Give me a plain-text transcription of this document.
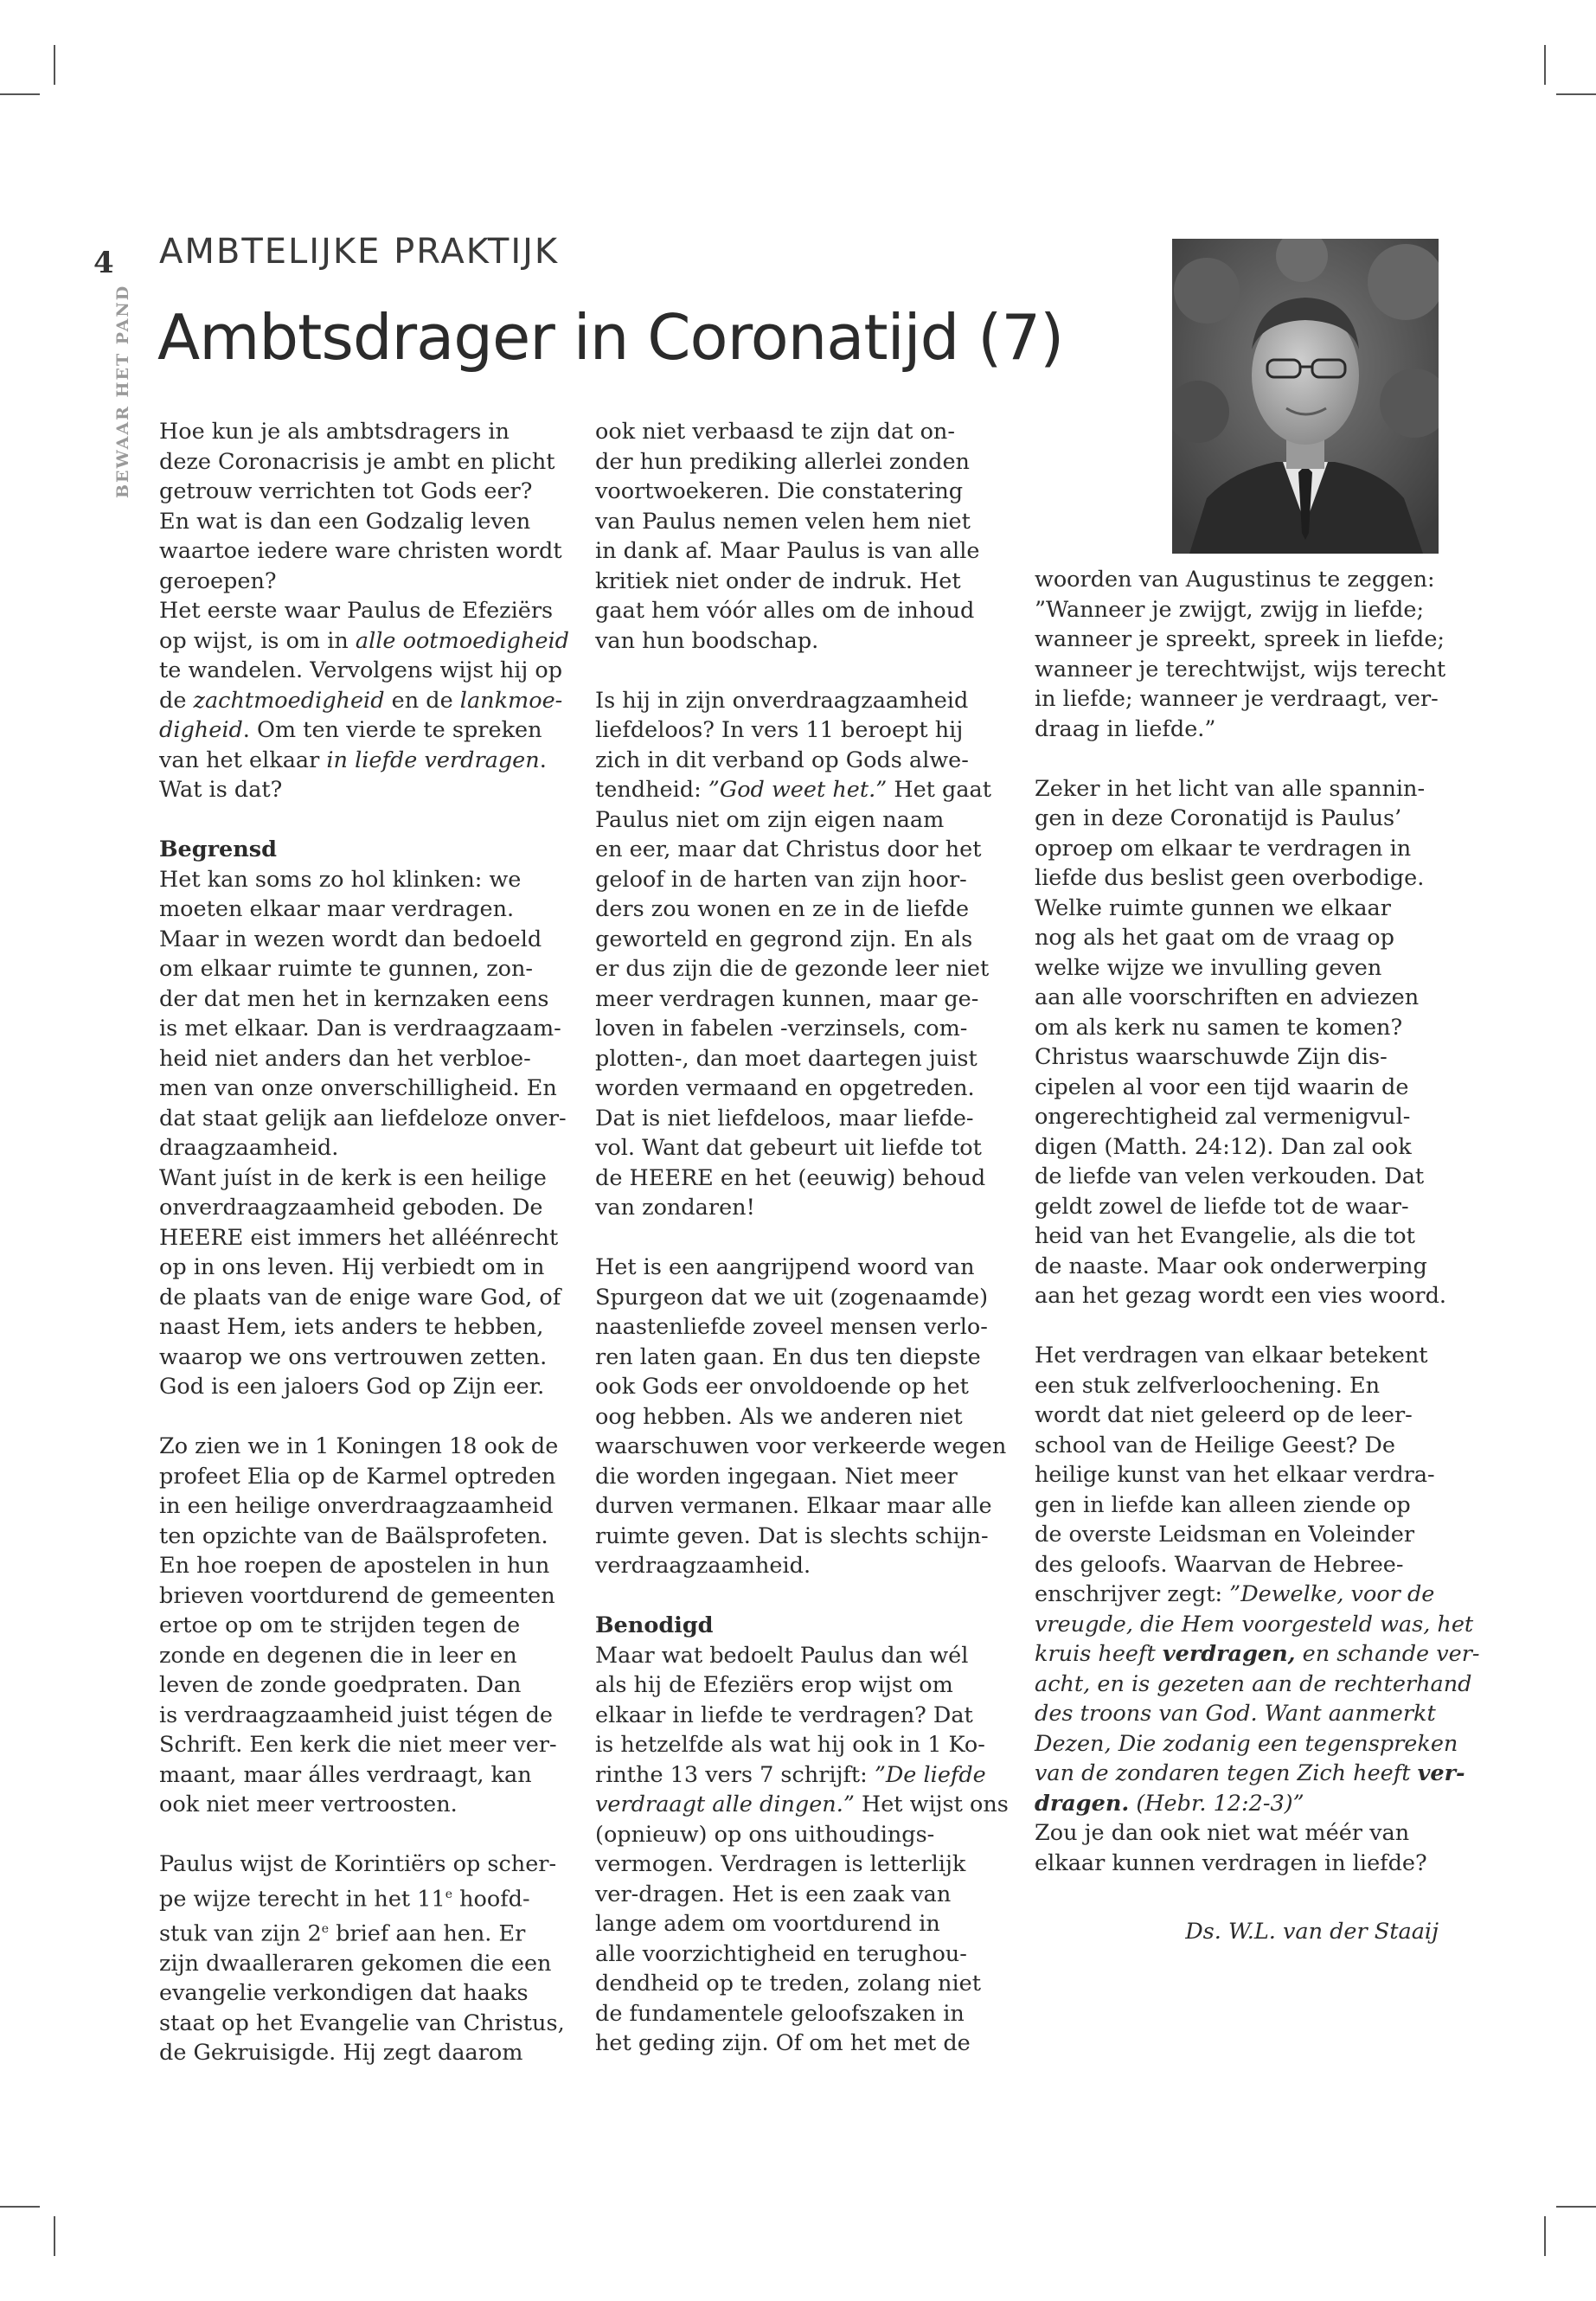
4
BEWAAR HET PAND
AMBTELIJKE PRAKTIJK
Ambtsdrager in Coronatijd (7)

Hoe kun je als ambtsdragers in
deze Coronacrisis je ambt en plicht
getrouw verrichten tot Gods eer?
En wat is dan een Godzalig leven
waartoe iedere ware christen wordt
geroepen?

Het eerste waar Paulus de Efeziërs
op wijst, is om in alle ootmoedigheid
te wandelen. Vervolgens wijst hij op
de zachtmoedigheid en de lankmoe-
digheid. Om ten vierde te spreken
van het elkaar in liefde verdragen.
Wat is dat?

Begrensd

Het kan soms zo hol klinken: we
moeten elkaar maar verdragen.
Maar in wezen wordt dan bedoeld
om elkaar ruimte te gunnen, zon-
der dat men het in kernzaken eens
is met elkaar. Dan is verdraagzaam-
heid niet anders dan het verbloe-
men van onze onverschilligheid. En
dat staat gelijk aan liefdeloze onver-
draagzaamheid.

Want juíst in de kerk is een heilige
onverdraagzaamheid geboden. De
HEERE eist immers het alléénrecht
op in ons leven. Hij verbiedt om in
de plaats van de enige ware God, of
naast Hem, iets anders te hebben,
waarop we ons vertrouwen zetten.
God is een jaloers God op Zijn eer.

Zo zien we in 1 Koningen 18 ook de
profeet Elia op de Karmel optreden
in een heilige onverdraagzaamheid
ten opzichte van de Baälsprofeten.
En hoe roepen de apostelen in hun
brieven voortdurend de gemeenten
ertoe op om te strijden tegen de
zonde en degenen die in leer en
leven de zonde goedpraten. Dan
is verdraagzaamheid juist tégen de
Schrift. Een kerk die niet meer ver-
maant, maar álles verdraagt, kan
ook niet meer vertroosten.

Paulus wijst de Korintiërs op scher-
pe wijze terecht in het 11e hoofd-
stuk van zijn 2e brief aan hen. Er
zijn dwaalleraren gekomen die een
evangelie verkondigen dat haaks
staat op het Evangelie van Christus,
de Gekruisigde. Hij zegt daarom

ook niet verbaasd te zijn dat on-
der hun prediking allerlei zonden
voortwoekeren. Die constatering
van Paulus nemen velen hem niet
in dank af. Maar Paulus is van alle
kritiek niet onder de indruk. Het
gaat hem vóór alles om de inhoud
van hun boodschap.

Is hij in zijn onverdraagzaamheid
liefdeloos? In vers 11 beroept hij
zich in dit verband op Gods alwe-
tendheid: ”God weet het.” Het gaat
Paulus niet om zijn eigen naam
en eer, maar dat Christus door het
geloof in de harten van zijn hoor-
ders zou wonen en ze in de liefde
geworteld en gegrond zijn. En als
er dus zijn die de gezonde leer niet
meer verdragen kunnen, maar ge-
loven in fabelen -verzinsels, com-
plotten-, dan moet daartegen juist
worden vermaand en opgetreden.
Dat is niet liefdeloos, maar liefde-
vol. Want dat gebeurt uit liefde tot
de HEERE en het (eeuwig) behoud
van zondaren!

Het is een aangrijpend woord van
Spurgeon dat we uit (zogenaamde)
naastenliefde zoveel mensen verlo-
ren laten gaan. En dus ten diepste
ook Gods eer onvoldoende op het
oog hebben. Als we anderen niet
waarschuwen voor verkeerde wegen
die worden ingegaan. Niet meer
durven vermanen. Elkaar maar alle
ruimte geven. Dat is slechts schijn-
verdraagzaamheid.

Benodigd

Maar wat bedoelt Paulus dan wél
als hij de Efeziërs erop wijst om
elkaar in liefde te verdragen? Dat
is hetzelfde als wat hij ook in 1 Ko-
rinthe 13 vers 7 schrijft: ”De liefde
verdraagt alle dingen.” Het wijst ons
(opnieuw) op ons uithoudings-
vermogen. Verdragen is letterlijk
ver-dragen. Het is een zaak van
lange adem om voortdurend in
alle voorzichtigheid en terughou-
dendheid op te treden, zolang niet
de fundamentele geloofszaken in
het geding zijn. Of om het met de

woorden van Augustinus te zeggen:
”Wanneer je zwijgt, zwijg in liefde;
wanneer je spreekt, spreek in liefde;
wanneer je terechtwijst, wijs terecht
in liefde; wanneer je verdraagt, ver-
draag in liefde.”

Zeker in het licht van alle spannin-
gen in deze Coronatijd is Paulus’
oproep om elkaar te verdragen in
liefde dus beslist geen overbodige.
Welke ruimte gunnen we elkaar
nog als het gaat om de vraag op
welke wijze we invulling geven
aan alle voorschriften en adviezen
om als kerk nu samen te komen?
Christus waarschuwde Zijn dis-
cipelen al voor een tijd waarin de
ongerechtigheid zal vermenigvul-
digen (Matth. 24:12). Dan zal ook
de liefde van velen verkouden. Dat
geldt zowel de liefde tot de waar-
heid van het Evangelie, als die tot
de naaste. Maar ook onderwerping
aan het gezag wordt een vies woord.

Het verdragen van elkaar betekent
een stuk zelfverloochening. En
wordt dat niet geleerd op de leer-
school van de Heilige Geest? De
heilige kunst van het elkaar verdra-
gen in liefde kan alleen ziende op
de overste Leidsman en Voleinder
des geloofs. Waarvan de Hebreе-
enschrijver zegt: ”Dewelke, voor de
vreugde, die Hem voorgesteld was, het
kruis heeft verdragen, en schande ver-
acht, en is gezeten aan de rechterhand
des troons van God. Want aanmerkt
Dezen, Die zodanig een tegenspreken
van de zondaren tegen Zich heeft ver-
dragen. (Hebr. 12:2-3)”
Zou je dan ook niet wat méér van
elkaar kunnen verdragen in liefde?

Ds. W.L. van der Staaij
